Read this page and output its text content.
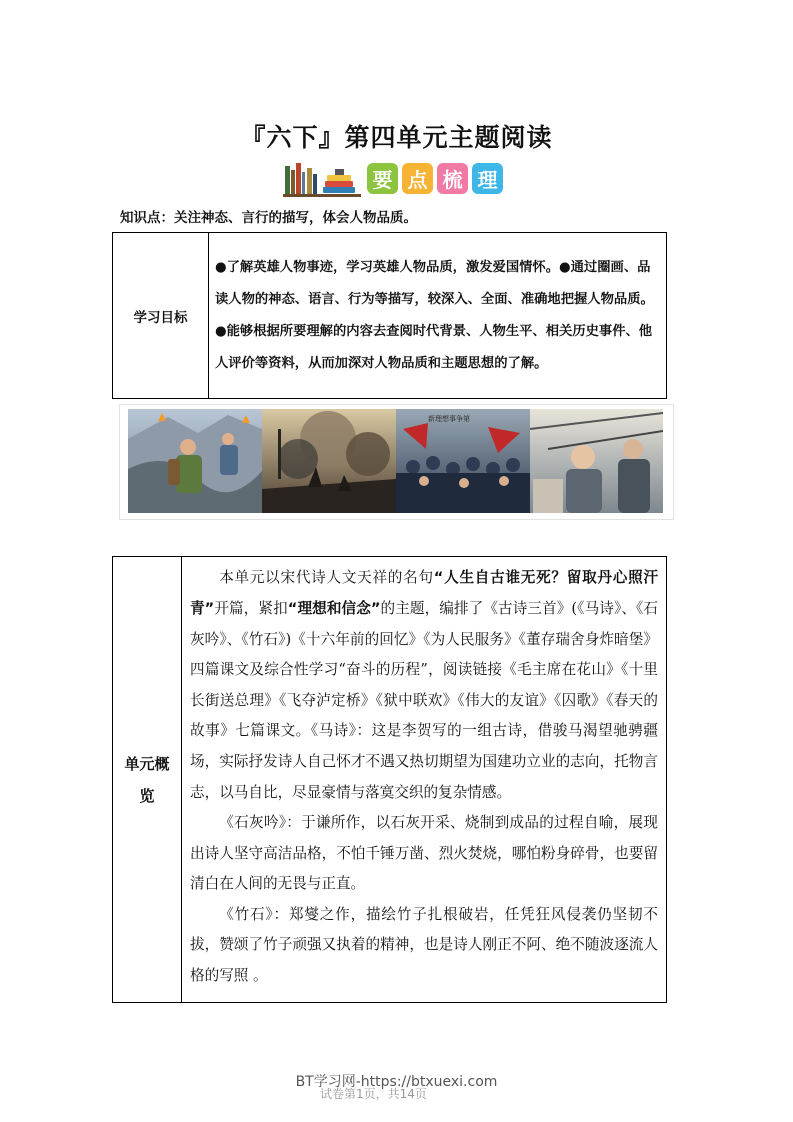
『六下』第四单元主题阅读
要 点 梳 理
知识点：关注神态、言行的描写，体会人物品质。
学习目标	

●了解英雄人物事迹，学习英雄人物品质，激发爱国情怀。●通过圈画、品读人物的神态、语言、行为等描写，较深入、全面、准确地把握人物品质。

●能够根据所要理解的内容去查阅时代背景、人物生平、相关历史事件、他人评价等资料，从而加深对人物品质和主题思想的了解。

新理想事争第
单元概
览

本单元以宋代诗人文天祥的名句“人生自古谁无死？留取丹心照汗青”开篇，紧扣“理想和信念”的主题，编排了《古诗三首》(《马诗》、《石灰吟》、《竹石》)《十六年前的回忆》《为人民服务》《董存瑞舍身炸暗堡》四篇课文及综合性学习“奋斗的历程”，阅读链接《毛主席在花山》《十里长街送总理》《飞夺泸定桥》《狱中联欢》《伟大的友谊》《囚歌》《春天的故事》七篇课文。《马诗》：这是李贺写的一组古诗，借骏马渴望驰骋疆场，实际抒发诗人自己怀才不遇又热切期望为国建功立业的志向，托物言志，以马自比，尽显豪情与落寞交织的复杂情感。

《石灰吟》：于谦所作，以石灰开采、烧制到成品的过程自喻，展现出诗人坚守高洁品格，不怕千锤万凿、烈火焚烧，哪怕粉身碎骨，也要留清白在人间的无畏与正直。

《竹石》：郑燮之作，描绘竹子扎根破岩，任凭狂风侵袭仍坚韧不拔，赞颂了竹子顽强又执着的精神，也是诗人刚正不阿、绝不随波逐流人格的写照 。

BT学习网-https://btxuexi.com
试卷第1页，共14页
